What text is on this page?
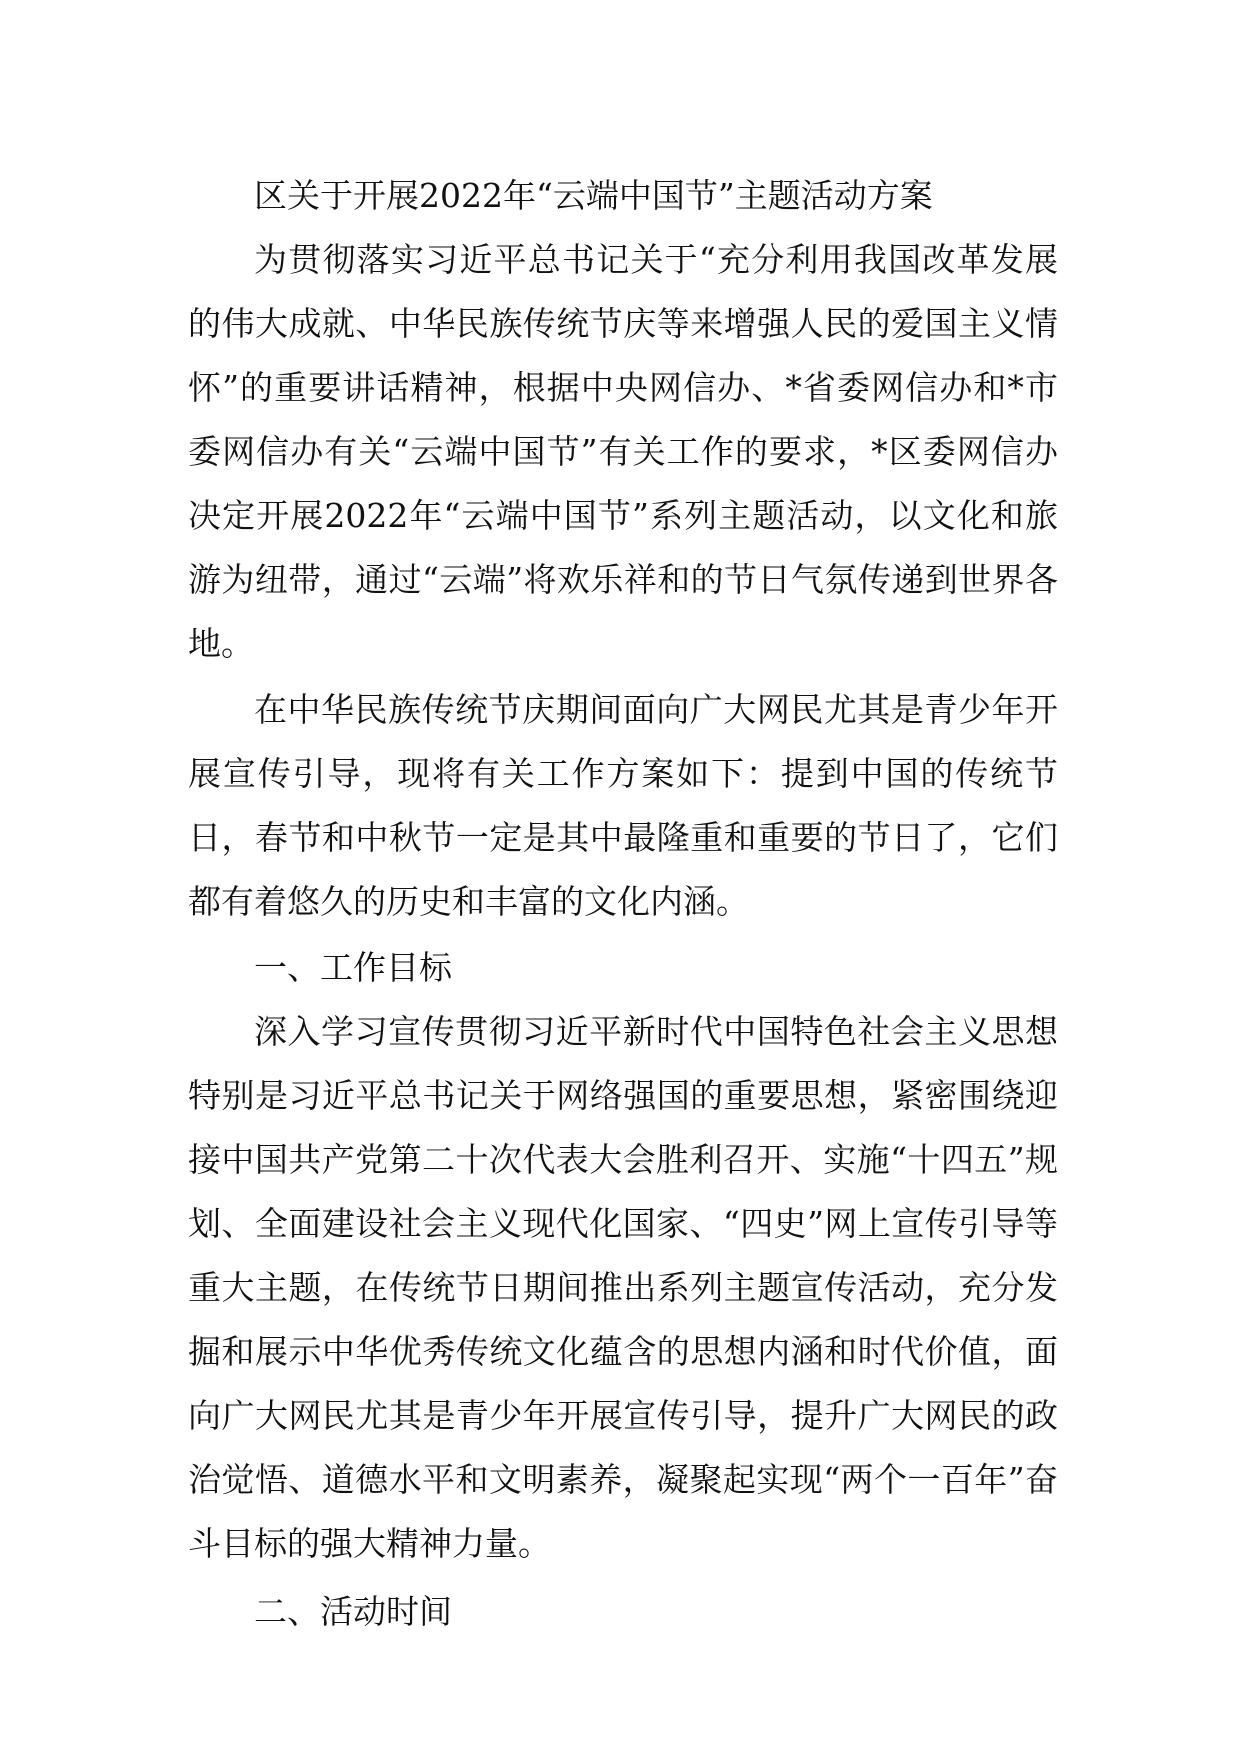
区关于开展2022年“云端中国节”主题活动方案

为贯彻落实习近平总书记关于“充分利用我国改革发展的伟大成就、中华民族传统节庆等来增强人民的爱国主义情怀”的重要讲话精神，根据中央网信办、*省委网信办和*市委网信办有关“云端中国节”有关工作的要求，*区委网信办决定开展2022年“云端中国节”系列主题活动，以文化和旅游为纽带，通过“云端”将欢乐祥和的节日气氛传递到世界各地。

在中华民族传统节庆期间面向广大网民尤其是青少年开展宣传引导，现将有关工作方案如下：提到中国的传统节日，春节和中秋节一定是其中最隆重和重要的节日了，它们都有着悠久的历史和丰富的文化内涵。

一、工作目标

深入学习宣传贯彻习近平新时代中国特色社会主义思想特别是习近平总书记关于网络强国的重要思想，紧密围绕迎接中国共产党第二十次代表大会胜利召开、实施“十四五”规划、全面建设社会主义现代化国家、“四史”网上宣传引导等重大主题，在传统节日期间推出系列主题宣传活动，充分发掘和展示中华优秀传统文化蕴含的思想内涵和时代价值，面向广大网民尤其是青少年开展宣传引导，提升广大网民的政治觉悟、道德水平和文明素养，凝聚起实现“两个一百年”奋斗目标的强大精神力量。

二、活动时间
